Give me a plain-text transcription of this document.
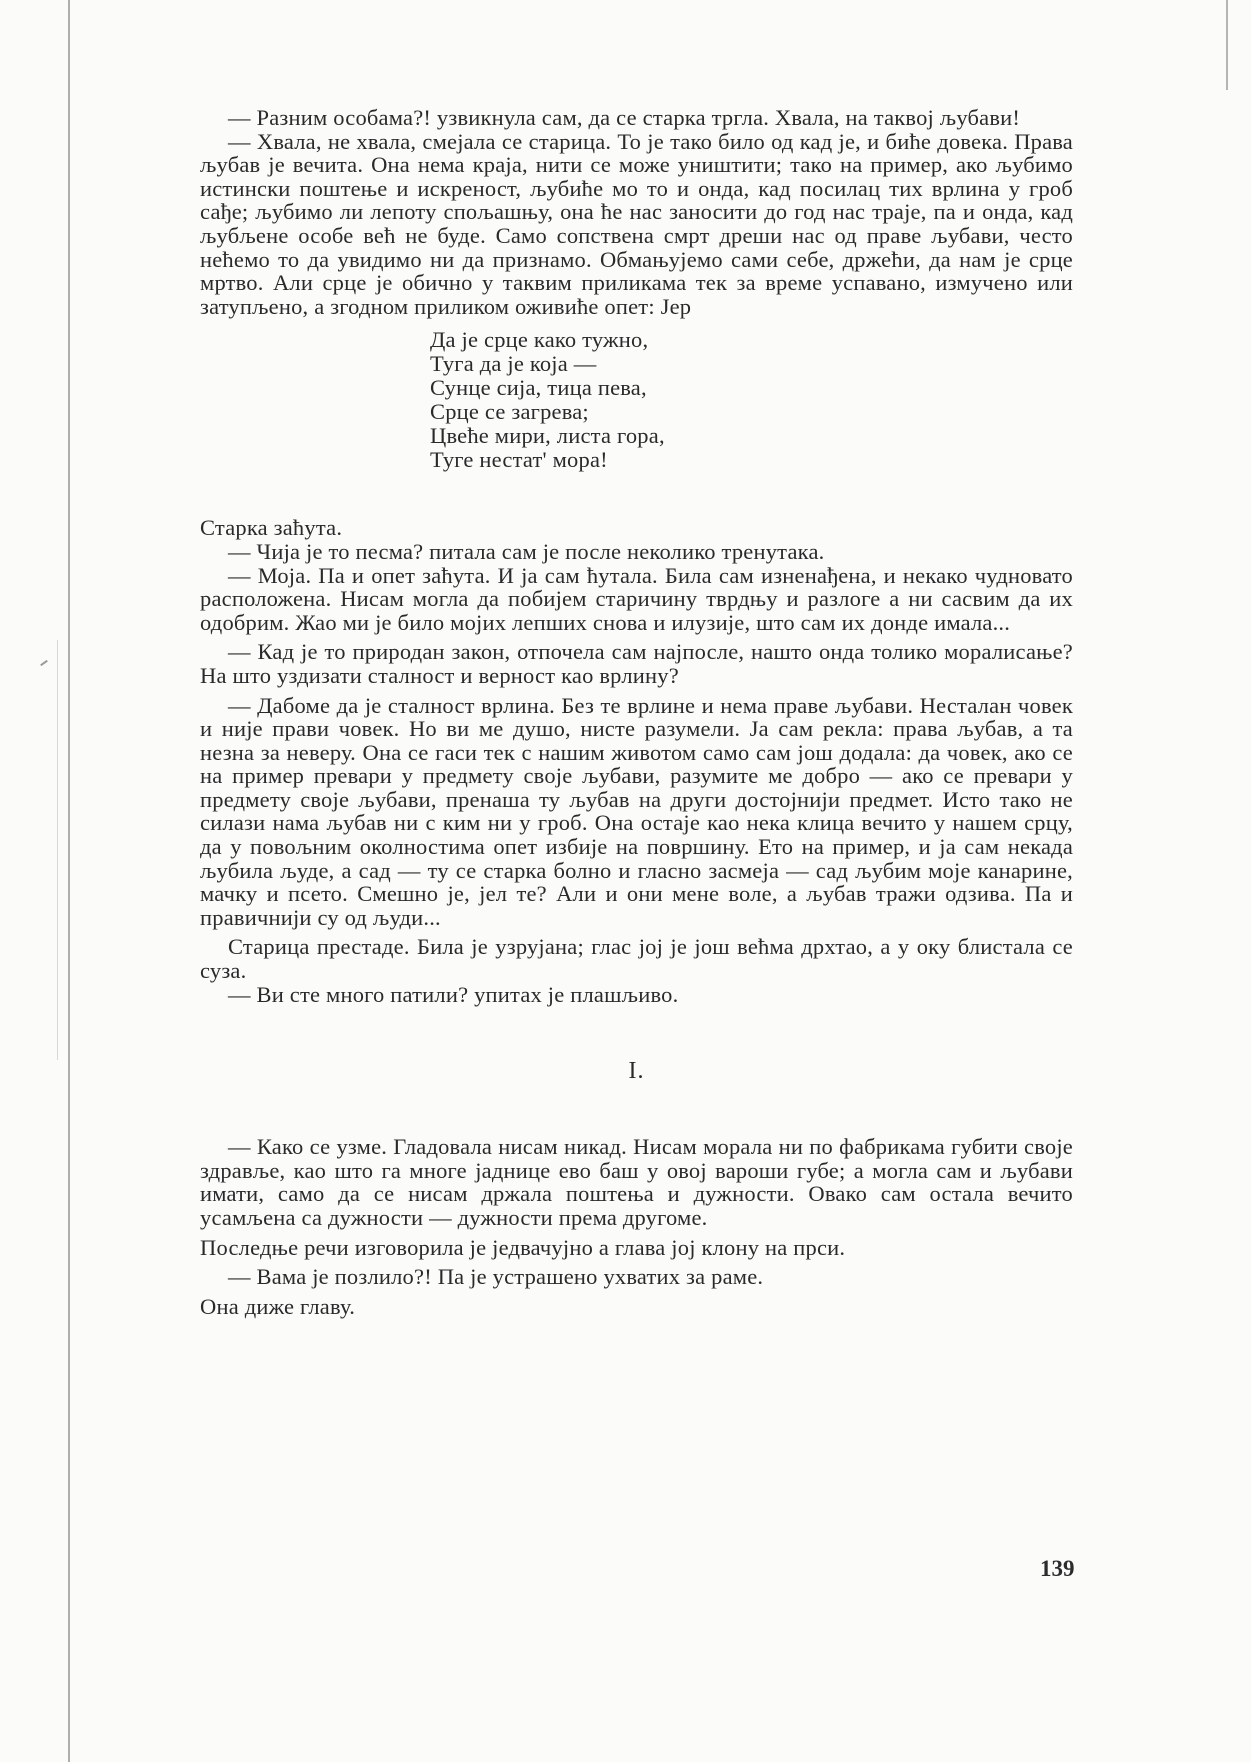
— Разним особама?! узвикнула сам, да се старка тргла. Хвала, на таквој љубави!

— Хвала, не хвала, смејала се старица. То је тако било од кад је, и биће довека. Права љубав је вечита. Она нема краја, нити се може уништити; тако на пример, ако љубимо истински поштење и искреност, љубиће мо то и онда, кад посилац тих врлина у гроб сађе; љубимо ли лепоту спољашњу, она ће нас заносити до год нас траје, па и онда, кад љубљене особе већ не буде. Само сопствена смрт дреши нас од праве љубави, често нећемо то да увидимо ни да признамо. Обмањујемо сами себе, држећи, да нам је срце мртво. Али срце је обично у таквим приликама тек за време успавано, измучено или затупљено, а згодном приликом оживиће опет: Јер

Да је срце како тужно,
Туга да је која —
Сунце сија, тица пева,
Срце се загрева;
Цвеће мири, листа гора,
Туге нестат' мора!

Старка заћута.

— Чија је то песма? питала сам је после неколико тренутака.

— Моја. Па и опет заћута. И ја сам ћутала. Била сам изненађена, и некако чудновато расположена. Нисам могла да побијем старичину тврдњу и разлоге а ни сасвим да их одобрим. Жао ми је било мојих лепших снова и илузије, што сам их донде имала...

— Кад је то природан закон, отпочела сам најпосле, нашто онда толико моралисање? На што уздизати сталност и верност као врлину?

— Дабоме да је сталност врлина. Без те врлине и нема праве љубави. Несталан човек и није прави човек. Но ви ме душо, нисте разумели. Ја сам рекла: права љубав, а та незна за неверу. Она се гаси тек с нашим животом само сам још додала: да човек, ако се на пример превари у предмету своје љубави, разумите ме добро — ако се превари у предмету своје љубави, пренаша ту љубав на други достојнији предмет. Исто тако не силази нама љубав ни с ким ни у гроб. Она остаје као нека клица вечито у нашем срцу, да у повољним околностима опет избије на површину. Ето на пример, и ја сам некада љубила људе, а сад — ту се старка болно и гласно засмеја — сад љубим моје канарине, мачку и псето. Смешно је, јел те? Али и они мене воле, а љубав тражи одзива. Па и правичнији су од људи...

Старица престаде. Била је узрујана; глас јој је још већма дрхтао, а у оку блистала се суза.

— Ви сте много патили? упитах је плашљиво.

I.

— Како се узме. Гладовала нисам никад. Нисам морала ни по фабрикама губити своје здравље, као што га многе јаднице ево баш у овој вароши губе; а могла сам и љубави имати, само да се нисам држала поштења и дужности. Овако сам остала вечито усамљена са дужности — дужности према другоме.

Последње речи изговорила је једвачујно а глава јој клону на прси.

— Вама је позлило?! Па је устрашено ухватих за раме.

Она диже главу.

139
